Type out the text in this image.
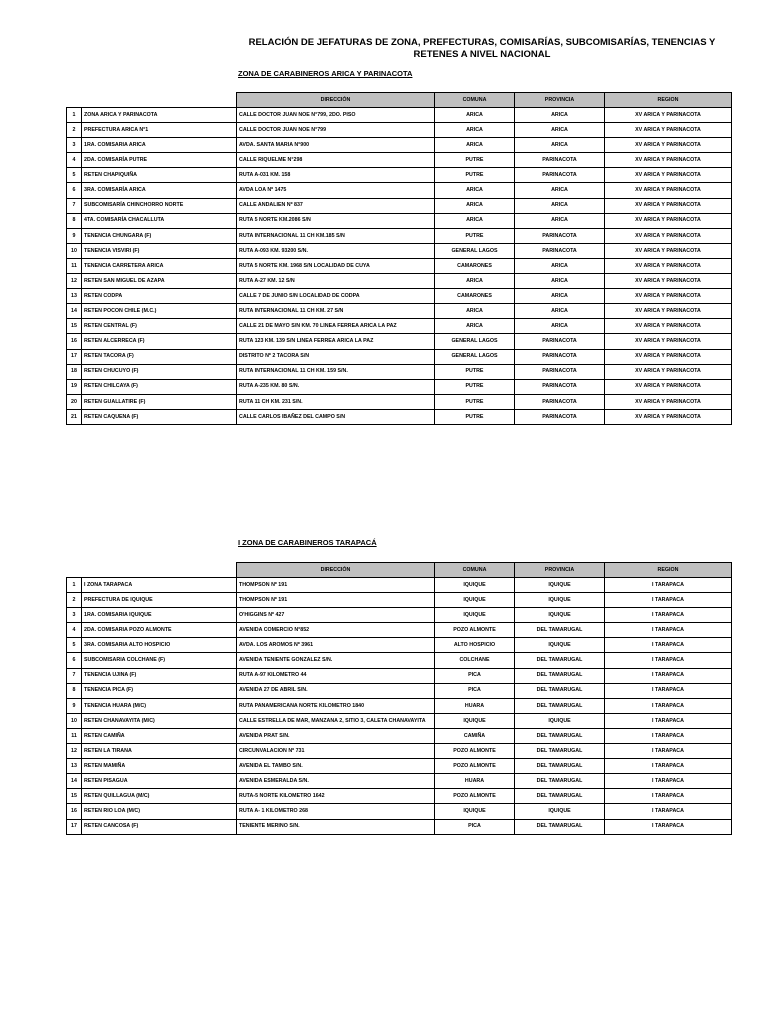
RELACIÓN DE JEFATURAS DE ZONA, PREFECTURAS, COMISARÍAS, SUBCOMISARÍAS, TENENCIAS Y RETENES A NIVEL NACIONAL
ZONA DE CARABINEROS ARICA Y PARINACOTA
		DIRECCIÓN	COMUNA	PROVINCIA	REGION
1	ZONA ARICA Y PARINACOTA	CALLE DOCTOR JUAN NOE N°799, 2DO. PISO	ARICA	ARICA	XV ARICA Y PARINACOTA
2	PREFECTURA ARICA N°1	CALLE DOCTOR JUAN NOE N°799	ARICA	ARICA	XV ARICA Y PARINACOTA
3	1RA. COMISARIA ARICA	AVDA. SANTA MARIA N°900	ARICA	ARICA	XV ARICA Y PARINACOTA
4	2DA. COMISARÍA PUTRE	CALLE RIQUELME N°298	PUTRE	PARINACOTA	XV ARICA Y PARINACOTA
5	RETEN CHAPIQUIÑA	RUTA A-031 KM. 158	PUTRE	PARINACOTA	XV ARICA Y PARINACOTA
6	3RA. COMISARÍA ARICA	AVDA LOA Nº 1475	ARICA	ARICA	XV ARICA Y PARINACOTA
7	SUBCOMISARÍA CHINCHORRO NORTE	CALLE ANDALIEN Nº 837	ARICA	ARICA	XV ARICA Y PARINACOTA
8	4TA. COMISARÍA CHACALLUTA	RUTA 5 NORTE KM.2086 S/N	ARICA	ARICA	XV ARICA Y PARINACOTA
9	TENENCIA CHUNGARA (F)	RUTA INTERNACIONAL 11 CH KM.185 S/N	PUTRE	PARINACOTA	XV ARICA Y PARINACOTA
10	TENENCIA VISVIRI (F)	RUTA A-093 KM. 93200 S/N.	GENERAL LAGOS	PARINACOTA	XV ARICA Y PARINACOTA
11	TENENCIA CARRETERA ARICA	RUTA 5 NORTE KM. 1968 S/N LOCALIDAD DE CUYA	CAMARONES	ARICA	XV ARICA Y PARINACOTA
12	RETEN SAN MIGUEL DE AZAPA	RUTA A-27 KM. 12 S/N	ARICA	ARICA	XV ARICA Y PARINACOTA
13	RETEN CODPA	CALLE 7 DE JUNIO S/N LOCALIDAD DE CODPA	CAMARONES	ARICA	XV ARICA Y PARINACOTA
14	RETEN POCON CHILE (M.C.)	RUTA INTERNACIONAL 11 CH KM. 27 S/N	ARICA	ARICA	XV ARICA Y PARINACOTA
15	RETEN CENTRAL (F)	CALLE 21 DE MAYO S/N KM. 70 LINEA FERREA ARICA LA PAZ	ARICA	ARICA	XV ARICA Y PARINACOTA
16	RETEN ALCERRECA (F)	RUTA 123 KM. 139 S/N LINEA FERREA ARICA LA PAZ	GENERAL LAGOS	PARINACOTA	XV ARICA Y PARINACOTA
17	RETEN TACORA (F)	DISTRITO Nº 2 TACORA S/N	GENERAL LAGOS	PARINACOTA	XV ARICA Y PARINACOTA
18	RETEN CHUCUYO (F)	RUTA INTERNACIONAL 11 CH KM. 159 S/N.	PUTRE	PARINACOTA	XV ARICA Y PARINACOTA
19	RETEN CHILCAYA (F)	RUTA A-235 KM. 80 S/N.	PUTRE	PARINACOTA	XV ARICA Y PARINACOTA
20	RETEN GUALLATIRE (F)	RUTA 11 CH KM. 231 S/N.	PUTRE	PARINACOTA	XV ARICA Y PARINACOTA
21	RETEN CAQUENA (F)	CALLE CARLOS IBAÑEZ DEL CAMPO S/N	PUTRE	PARINACOTA	XV ARICA Y PARINACOTA
I ZONA DE CARABINEROS TARAPACÁ
		DIRECCIÓN	COMUNA	PROVINCIA	REGION
1	I ZONA TARAPACA	THOMPSON Nº 191	IQUIQUE	IQUIQUE	I TARAPACA
2	PREFECTURA DE IQUIQUE	THOMPSON Nº 191	IQUIQUE	IQUIQUE	I TARAPACA
3	1RA. COMISARIA IQUIQUE	O'HIGGINS Nº 427	IQUIQUE	IQUIQUE	I TARAPACA
4	2DA. COMISARIA POZO ALMONTE	AVENIDA COMERCIO N°852	POZO ALMONTE	DEL TAMARUGAL	I TARAPACA
5	3RA. COMISARIA ALTO HOSPICIO	AVDA. LOS AROMOS Nº 3961	ALTO HOSPICIO	IQUIQUE	I TARAPACA
6	SUBCOMISARIA COLCHANE (F)	AVENIDA TENIENTE GONZALEZ S/N.	COLCHANE	DEL TAMARUGAL	I TARAPACA
7	TENENCIA UJINA (F)	RUTA A-97 KILOMETRO 44	PICA	DEL TAMARUGAL	I TARAPACA
8	TENENCIA PICA (F)	AVENIDA 27 DE ABRIL S/N.	PICA	DEL TAMARUGAL	I TARAPACA
9	TENENCIA HUARA (M/C)	RUTA PANAMERICANA NORTE KILOMETRO 1840	HUARA	DEL TAMARUGAL	I TARAPACA
10	RETEN CHANAVAYITA (M/C)	CALLE ESTRELLA DE MAR, MANZANA 2, SITIO 3, CALETA CHANAVAYITA	IQUIQUE	IQUIQUE	I TARAPACA
11	RETEN CAMIÑA	AVENIDA PRAT S/N.	CAMIÑA	DEL TAMARUGAL	I TARAPACA
12	RETEN LA TIRANA	CIRCUNVALACION Nº 731	POZO ALMONTE	DEL TAMARUGAL	I TARAPACA
13	RETEN MAMIÑA	AVENIDA EL TAMBO S/N.	POZO ALMONTE	DEL TAMARUGAL	I TARAPACA
14	RETEN PISAGUA	AVENIDA ESMERALDA S/N.	HUARA	DEL TAMARUGAL	I TARAPACA
15	RETEN QUILLAGUA (M/C)	RUTA-5 NORTE KILOMETRO 1642	POZO ALMONTE	DEL TAMARUGAL	I TARAPACA
16	RETEN RIO LOA (M/C)	RUTA A- 1 KILOMETRO 268	IQUIQUE	IQUIQUE	I TARAPACA
17	RETEN CANCOSA (F)	TENIENTE MERINO S/N.	PICA	DEL TAMARUGAL	I TARAPACA
